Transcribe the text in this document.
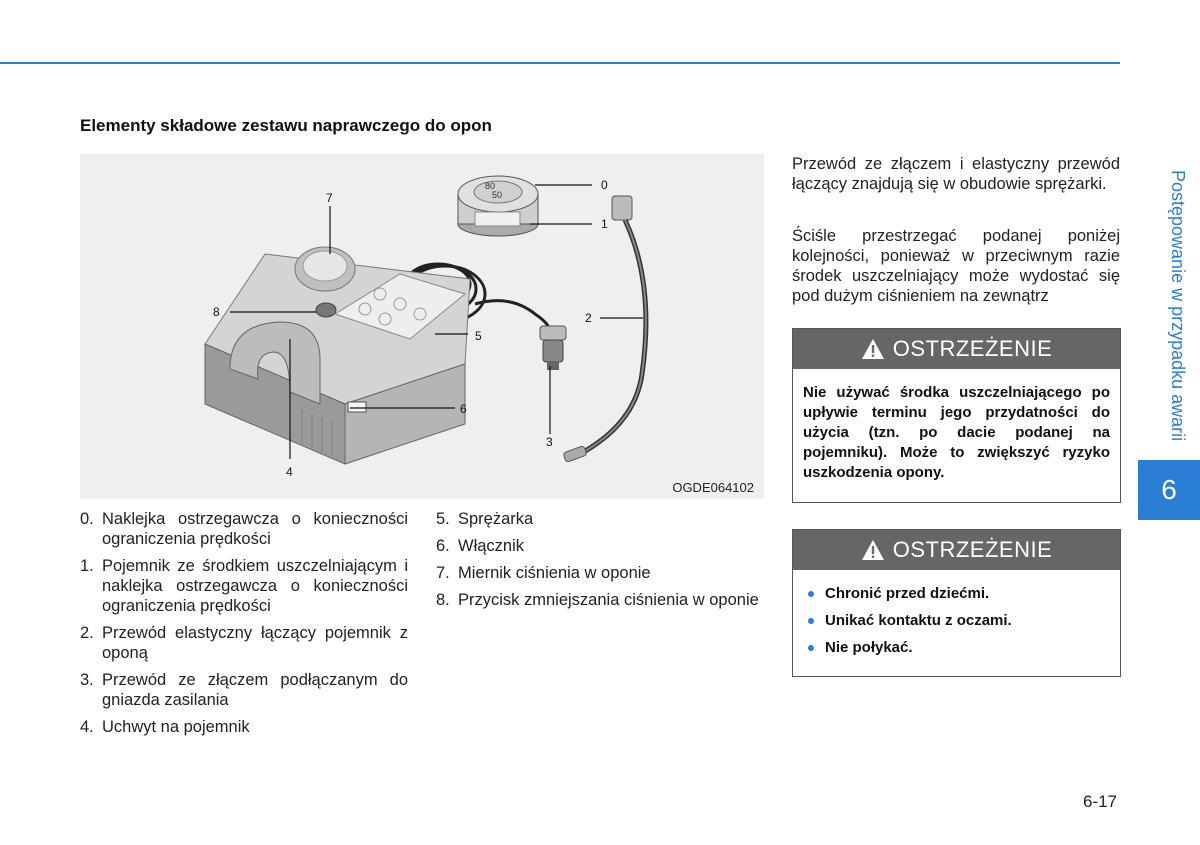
Elementy składowe zestawu naprawczego do opon
80
50
0
1
2
3
4
5
6
7
8
OGDE064102
0. Naklejka ostrzegawcza o konieczności ograniczenia prędkości
1. Pojemnik ze środkiem uszczelniającym i naklejka ostrzegawcza o konieczności ograniczenia prędkości
2. Przewód elastyczny łączący pojemnik z oponą
3. Przewód ze złączem podłączanym do gniazda zasilania
4. Uchwyt na pojemnik
5. Sprężarka
6. Włącznik
7. Miernik ciśnienia w oponie
8. Przycisk zmniejszania ciśnienia w oponie

Przewód ze złączem i elastyczny przewód łączący znajdują się w obudowie sprężarki.

Ściśle przestrzegać podanej poniżej kolejności, ponieważ w przeciwnym razie środek uszczelniający może wydostać się pod dużym ciśnieniem na zewnątrz

OSTRZEŻENIE
Nie używać środka uszczelniającego po upływie terminu jego przydatności do użycia (tzn. po dacie podanej na pojemniku). Może to zwiększyć ryzyko uszkodzenia opony.
OSTRZEŻENIE
Chronić przed dziećmi.
Unikać kontaktu z oczami.
Nie połykać.
Postępowanie w przypadku awarii
6
6-17
